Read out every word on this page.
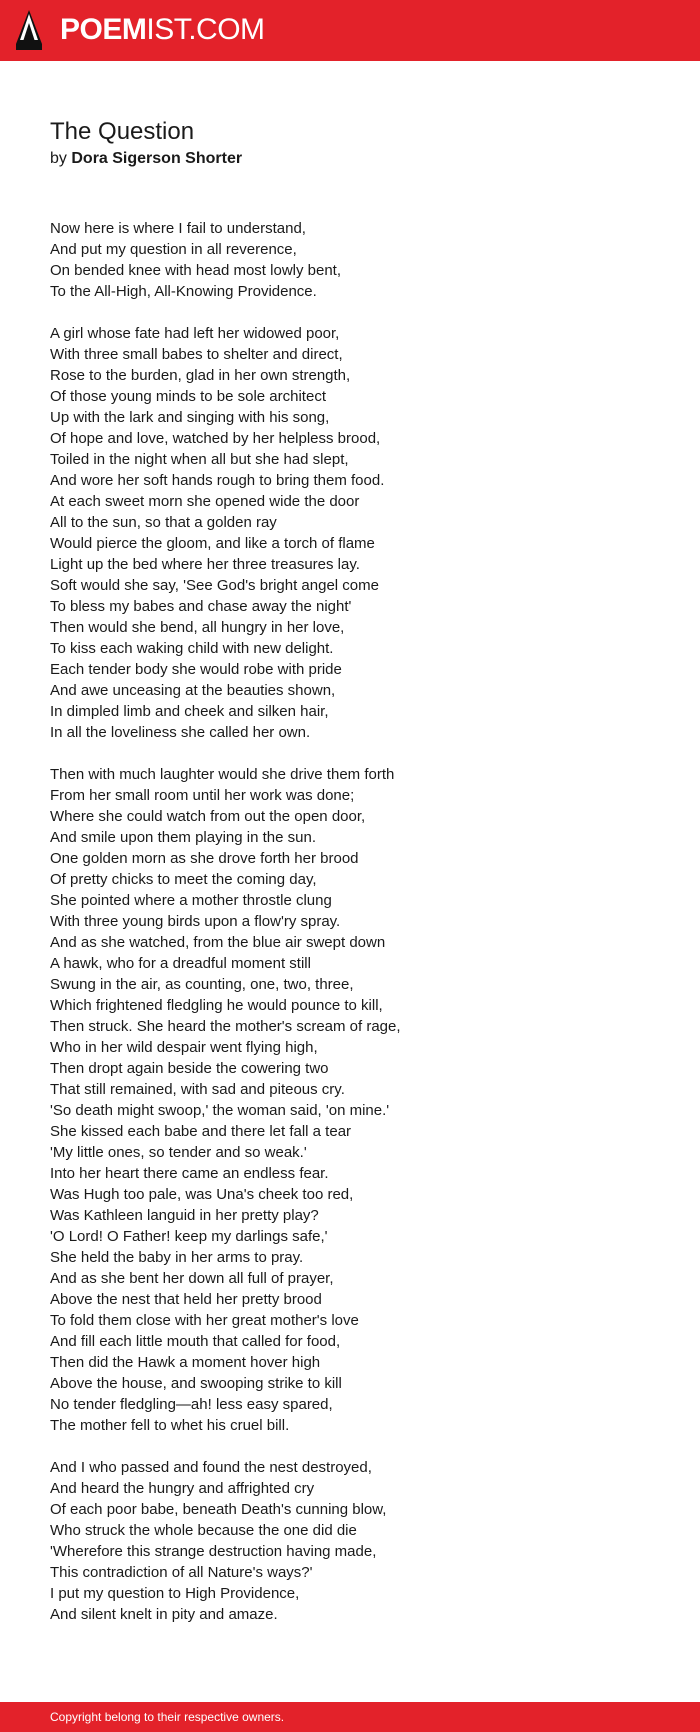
POEMIST.COM
The Question
by Dora Sigerson Shorter
Now here is where I fail to understand,
And put my question in all reverence,
On bended knee with head most lowly bent,
To the All-High, All-Knowing Providence.
A girl whose fate had left her widowed poor,
With three small babes to shelter and direct,
Rose to the burden, glad in her own strength,
Of those young minds to be sole architect
Up with the lark and singing with his song,
Of hope and love, watched by her helpless brood,
Toiled in the night when all but she had slept,
And wore her soft hands rough to bring them food.
At each sweet morn she opened wide the door
All to the sun, so that a golden ray
Would pierce the gloom, and like a torch of flame
Light up the bed where her three treasures lay.
Soft would she say, 'See God's bright angel come
To bless my babes and chase away the night'
Then would she bend, all hungry in her love,
To kiss each waking child with new delight.
Each tender body she would robe with pride
And awe unceasing at the beauties shown,
In dimpled limb and cheek and silken hair,
In all the loveliness she called her own.
Then with much laughter would she drive them forth
From her small room until her work was done;
Where she could watch from out the open door,
And smile upon them playing in the sun.
One golden morn as she drove forth her brood
Of pretty chicks to meet the coming day,
She pointed where a mother throstle clung
With three young birds upon a flow'ry spray.
And as she watched, from the blue air swept down
A hawk, who for a dreadful moment still
Swung in the air, as counting, one, two, three,
Which frightened fledgling he would pounce to kill,
Then struck. She heard the mother's scream of rage,
Who in her wild despair went flying high,
Then dropt again beside the cowering two
That still remained, with sad and piteous cry.
'So death might swoop,' the woman said, 'on mine.'
She kissed each babe and there let fall a tear
'My little ones, so tender and so weak.'
Into her heart there came an endless fear.
Was Hugh too pale, was Una's cheek too red,
Was Kathleen languid in her pretty play?
'O Lord! O Father! keep my darlings safe,'
She held the baby in her arms to pray.
And as she bent her down all full of prayer,
Above the nest that held her pretty brood
To fold them close with her great mother's love
And fill each little mouth that called for food,
Then did the Hawk a moment hover high
Above the house, and swooping strike to kill
No tender fledgling—ah! less easy spared,
The mother fell to whet his cruel bill.
And I who passed and found the nest destroyed,
And heard the hungry and affrighted cry
Of each poor babe, beneath Death's cunning blow,
Who struck the whole because the one did die
'Wherefore this strange destruction having made,
This contradiction of all Nature's ways?'
I put my question to High Providence,
And silent knelt in pity and amaze.
Copyright belong to their respective owners.
